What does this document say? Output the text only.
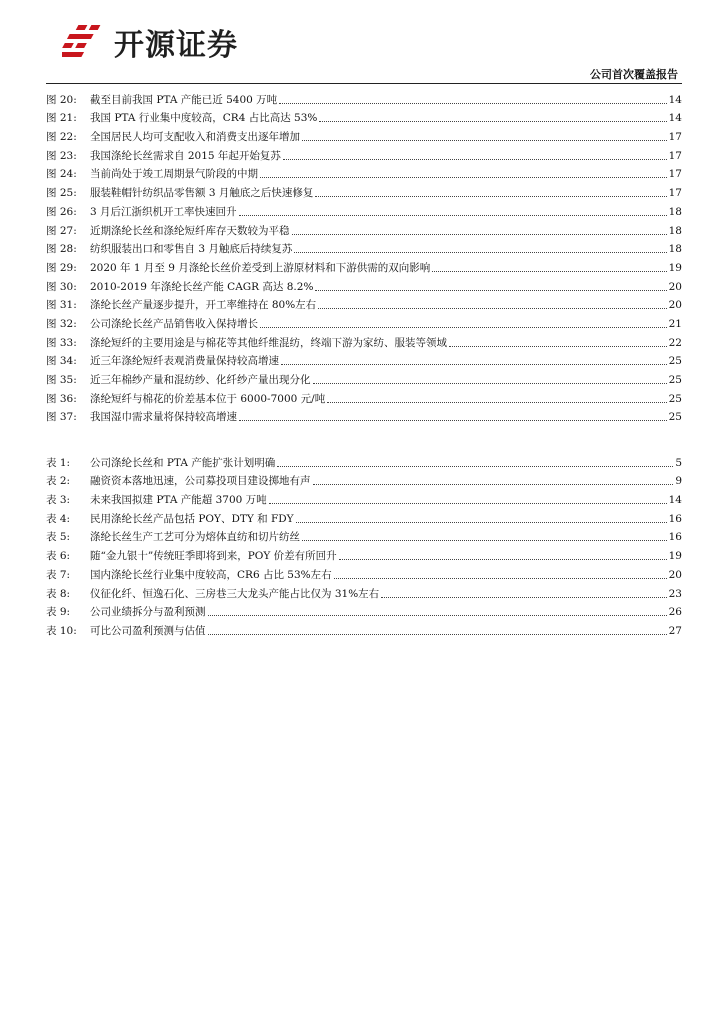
开源证券
公司首次覆盖报告
图 20:	截至目前我国 PTA 产能已近 5400 万吨	14
图 21:	我国 PTA 行业集中度较高，CR4 占比高达 53%	14
图 22:	全国居民人均可支配收入和消费支出逐年增加	17
图 23:	我国涤纶长丝需求自 2015 年起开始复苏	17
图 24:	当前尚处于竣工周期景气阶段的中期	17
图 25:	服装鞋帽针纺织品零售额 3 月触底之后快速修复	17
图 26:	3 月后江浙织机开工率快速回升	18
图 27:	近期涤纶长丝和涤纶短纤库存天数较为平稳	18
图 28:	纺织服装出口和零售自 3 月触底后持续复苏	18
图 29:	2020 年 1 月至 9 月涤纶长丝价差受到上游原材料和下游供需的双向影响	19
图 30:	2010-2019 年涤纶长丝产能 CAGR 高达 8.2%	20
图 31:	涤纶长丝产量逐步提升，开工率维持在 80%左右	20
图 32:	公司涤纶长丝产品销售收入保持增长	21
图 33:	涤纶短纤的主要用途是与棉花等其他纤维混纺，终端下游为家纺、服装等领域	22
图 34:	近三年涤纶短纤表观消费量保持较高增速	25
图 35:	近三年棉纱产量和混纺纱、化纤纱产量出现分化	25
图 36:	涤纶短纤与棉花的价差基本位于 6000-7000 元/吨	25
图 37:	我国湿巾需求量将保持较高增速	25
表 1:	公司涤纶长丝和 PTA 产能扩张计划明确	5
表 2:	融资资本落地迅速，公司募投项目建设掷地有声	9
表 3:	未来我国拟建 PTA 产能超 3700 万吨	14
表 4:	民用涤纶长丝产品包括 POY、DTY 和 FDY	16
表 5:	涤纶长丝生产工艺可分为熔体直纺和切片纺丝	16
表 6:	随“金九银十”传统旺季即将到来，POY 价差有所回升	19
表 7:	国内涤纶长丝行业集中度较高，CR6 占比 53%左右	20
表 8:	仪征化纤、恒逸石化、三房巷三大龙头产能占比仅为 31%左右	23
表 9:	公司业绩拆分与盈利预测	26
表 10:	可比公司盈利预测与估值	27
